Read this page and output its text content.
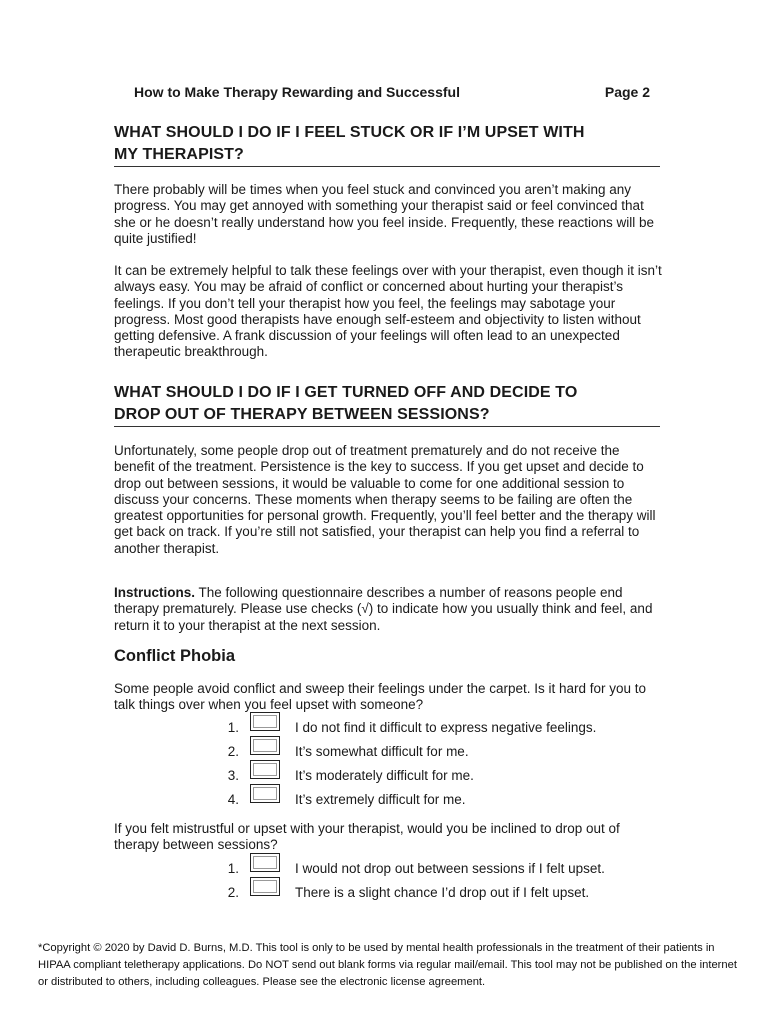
How to Make Therapy Rewarding and Successful	Page 2
WHAT SHOULD I DO IF I FEEL STUCK OR IF I’M UPSET WITH
MY THERAPIST?

There probably will be times when you feel stuck and convinced you aren’t making any progress. You may get annoyed with something your therapist said or feel convinced that she or he doesn’t really understand how you feel inside. Frequently, these reactions will be quite justified!

It can be extremely helpful to talk these feelings over with your therapist, even though it isn’t always easy. You may be afraid of conflict or concerned about hurting your therapist’s feelings. If you don’t tell your therapist how you feel, the feelings may sabotage your progress. Most good therapists have enough self-esteem and objectivity to listen without getting defensive. A frank discussion of your feelings will often lead to an unexpected therapeutic breakthrough.

WHAT SHOULD I DO IF I GET TURNED OFF AND DECIDE TO
DROP OUT OF THERAPY BETWEEN SESSIONS?

Unfortunately, some people drop out of treatment prematurely and do not receive the benefit of the treatment. Persistence is the key to success. If you get upset and decide to drop out between sessions, it would be valuable to come for one additional session to discuss your concerns. These moments when therapy seems to be failing are often the greatest opportunities for personal growth. Frequently, you’ll feel better and the therapy will get back on track. If you’re still not satisfied, your therapist can help you find a referral to another therapist.

Instructions. The following questionnaire describes a number of reasons people end therapy prematurely. Please use checks (√) to indicate how you usually think and feel, and return it to your therapist at the next session.

Conflict Phobia

Some people avoid conflict and sweep their feelings under the carpet. Is it hard for you to talk things over when you feel upset with someone?

1.	I do not find it difficult to express negative feelings.
2.	It’s somewhat difficult for me.
3.	It’s moderately difficult for me.
4.	It’s extremely difficult for me.

If you felt mistrustful or upset with your therapist, would you be inclined to drop out of therapy between sessions?

1.	I would not drop out between sessions if I felt upset.
2.	There is a slight chance I’d drop out if I felt upset.
*Copyright © 2020 by David D. Burns, M.D. This tool is only to be used by mental health professionals in the treatment of their patients in HIPAA compliant teletherapy applications. Do NOT send out blank forms via regular mail/email. This tool may not be published on the internet or distributed to others, including colleagues. Please see the electronic license agreement.
